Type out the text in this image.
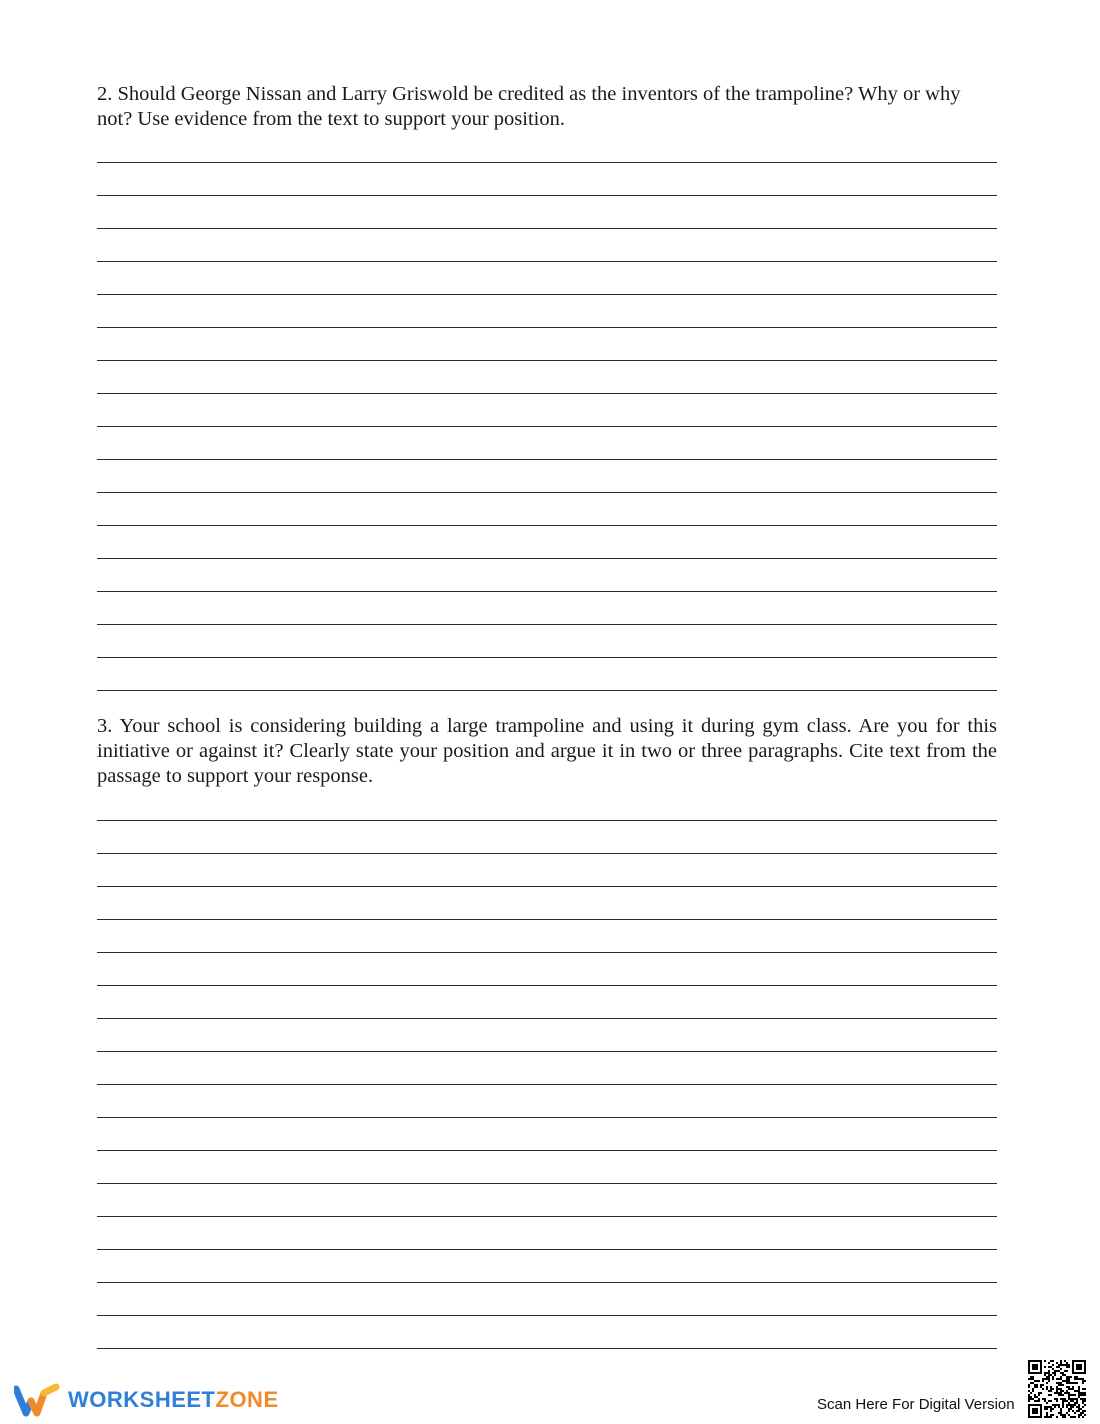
2. Should George Nissan and Larry Griswold be credited as the inventors of the trampoline? Why or why not? Use evidence from the text to support your position.

3. Your school is considering building a large trampoline and using it during gym class. Are you for this initiative or against it? Clearly state your position and argue it in two or three paragraphs. Cite text from the passage to support your response.

WORKSHEETZONE	Scan Here For Digital Version
